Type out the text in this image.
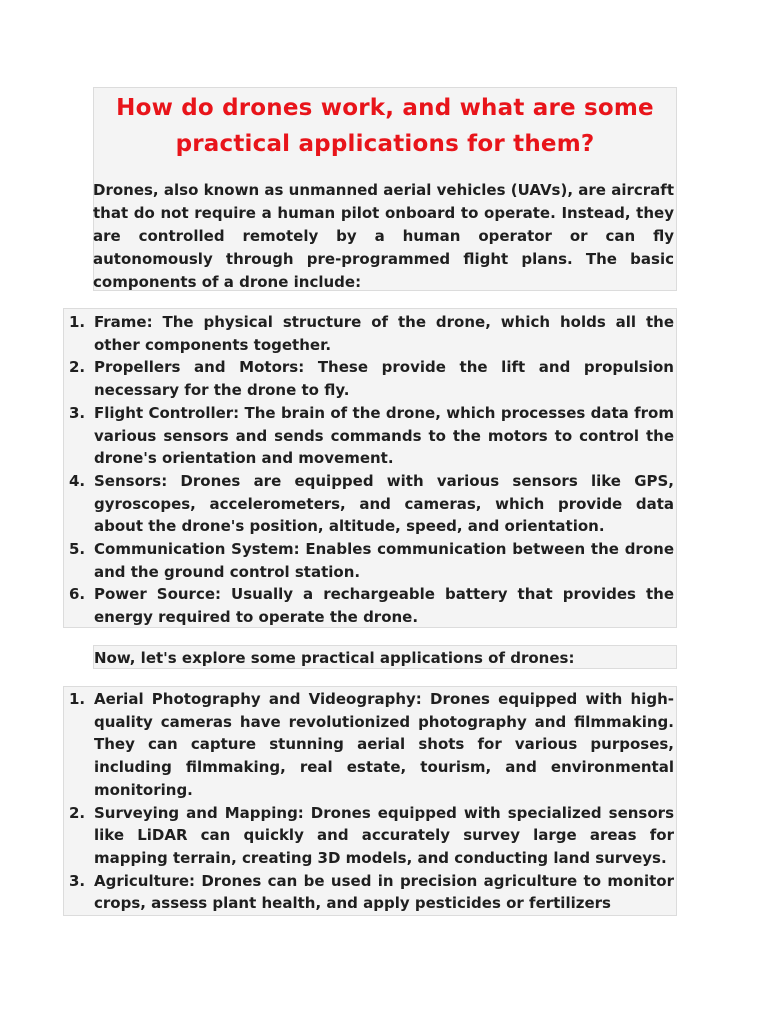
How do drones work, and what are some practical applications for them?

Drones, also known as unmanned aerial vehicles (UAVs), are aircraft that do not require a human pilot onboard to operate. Instead, they are controlled remotely by a human operator or can fly autonomously through pre-programmed flight plans. The basic components of a drone include:

1. Frame: The physical structure of the drone, which holds all the other components together.
2. Propellers and Motors: These provide the lift and propulsion necessary for the drone to fly.
3. Flight Controller: The brain of the drone, which processes data from various sensors and sends commands to the motors to control the drone's orientation and movement.
4. Sensors: Drones are equipped with various sensors like GPS, gyroscopes, accelerometers, and cameras, which provide data about the drone's position, altitude, speed, and orientation.
5. Communication System: Enables communication between the drone and the ground control station.
6. Power Source: Usually a rechargeable battery that provides the energy required to operate the drone.

Now, let's explore some practical applications of drones:

1. Aerial Photography and Videography: Drones equipped with high-quality cameras have revolutionized photography and filmmaking. They can capture stunning aerial shots for various purposes, including filmmaking, real estate, tourism, and environmental monitoring.
2. Surveying and Mapping: Drones equipped with specialized sensors like LiDAR can quickly and accurately survey large areas for mapping terrain, creating 3D models, and conducting land surveys.
3. Agriculture: Drones can be used in precision agriculture to monitor crops, assess plant health, and apply pesticides or fertilizers
